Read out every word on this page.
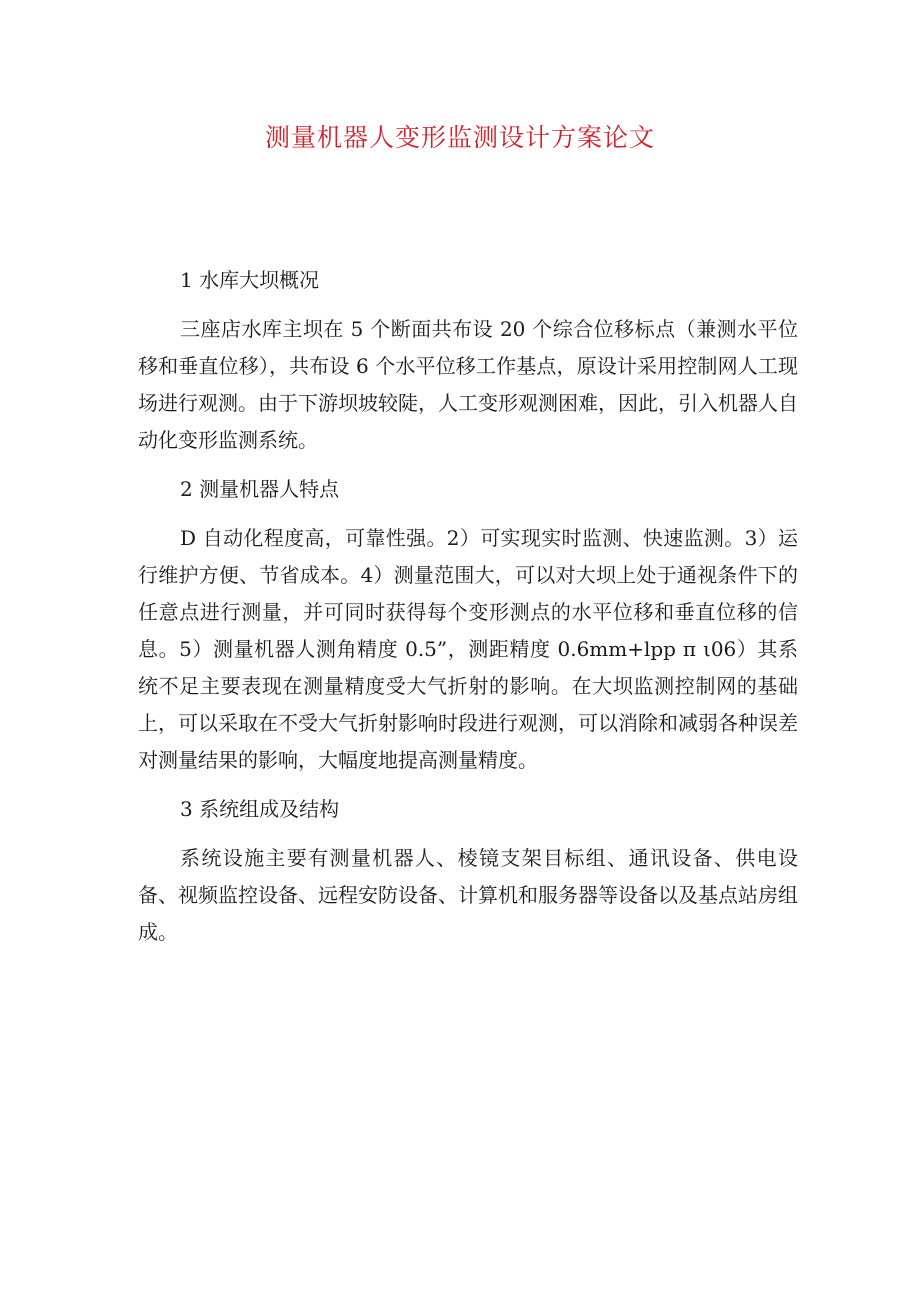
测量机器人变形监测设计方案论文

1 水库大坝概况

三座店水库主坝在 5 个断面共布设 20 个综合位移标点（兼测水平位移和垂直位移），共布设 6 个水平位移工作基点，原设计采用控制网人工现场进行观测。由于下游坝坡较陡，人工变形观测困难，因此，引入机器人自动化变形监测系统。

2 测量机器人特点

D 自动化程度高，可靠性强。2）可实现实时监测、快速监测。3）运行维护方便、节省成本。4）测量范围大，可以对大坝上处于通视条件下的任意点进行测量，并可同时获得每个变形测点的水平位移和垂直位移的信息。5）测量机器人测角精度 0.5”，测距精度 0.6mm+lpp π ι06）其系统不足主要表现在测量精度受大气折射的影响。在大坝监测控制网的基础上，可以采取在不受大气折射影响时段进行观测，可以消除和减弱各种误差对测量结果的影响，大幅度地提高测量精度。

3 系统组成及结构

系统设施主要有测量机器人、棱镜支架目标组、通讯设备、供电设备、视频监控设备、远程安防设备、计算机和服务器等设备以及基点站房组成。
